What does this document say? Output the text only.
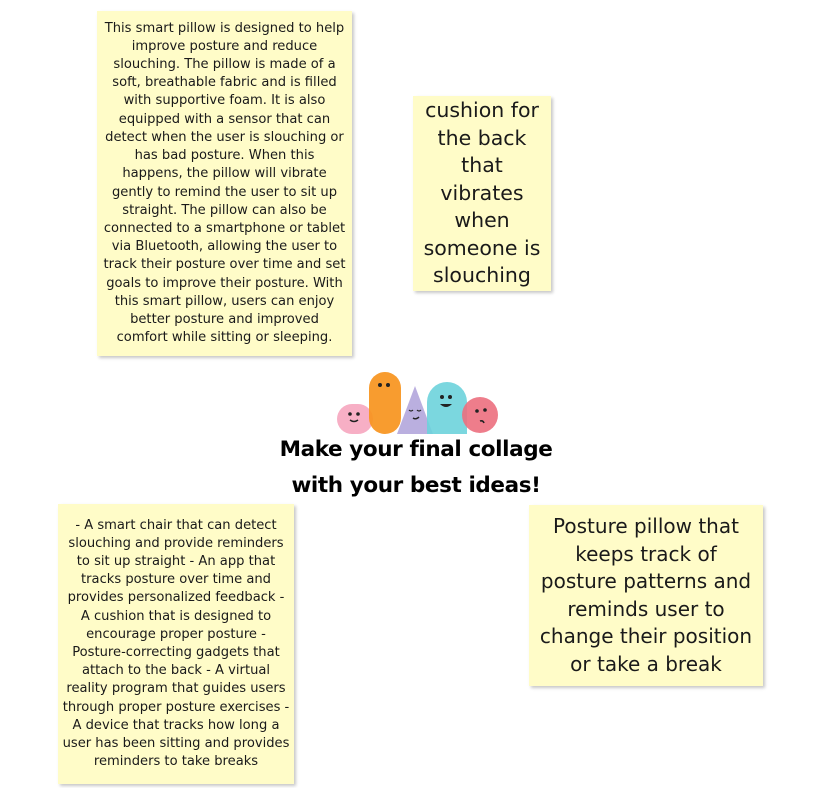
This smart pillow is designed to help improve posture and reduce slouching. The pillow is made of a soft, breathable fabric and is filled with supportive foam. It is also equipped with a sensor that can detect when the user is slouching or has bad posture. When this happens, the pillow will vibrate gently to remind the user to sit up straight. The pillow can also be connected to a smartphone or tablet via Bluetooth, allowing the user to track their posture over time and set goals to improve their posture. With this smart pillow, users can enjoy better posture and improved comfort while sitting or sleeping.
cushion for the back that vibrates when someone is slouching
- A smart chair that can detect slouching and provide reminders to sit up straight - An app that tracks posture over time and provides personalized feedback - A cushion that is designed to encourage proper posture - Posture-correcting gadgets that attach to the back - A virtual reality program that guides users through proper posture exercises - A device that tracks how long a user has been sitting and provides reminders to take breaks
Posture pillow that keeps track of posture patterns and reminds user to change their position or take a break
Make your final collage
with your best ideas!
